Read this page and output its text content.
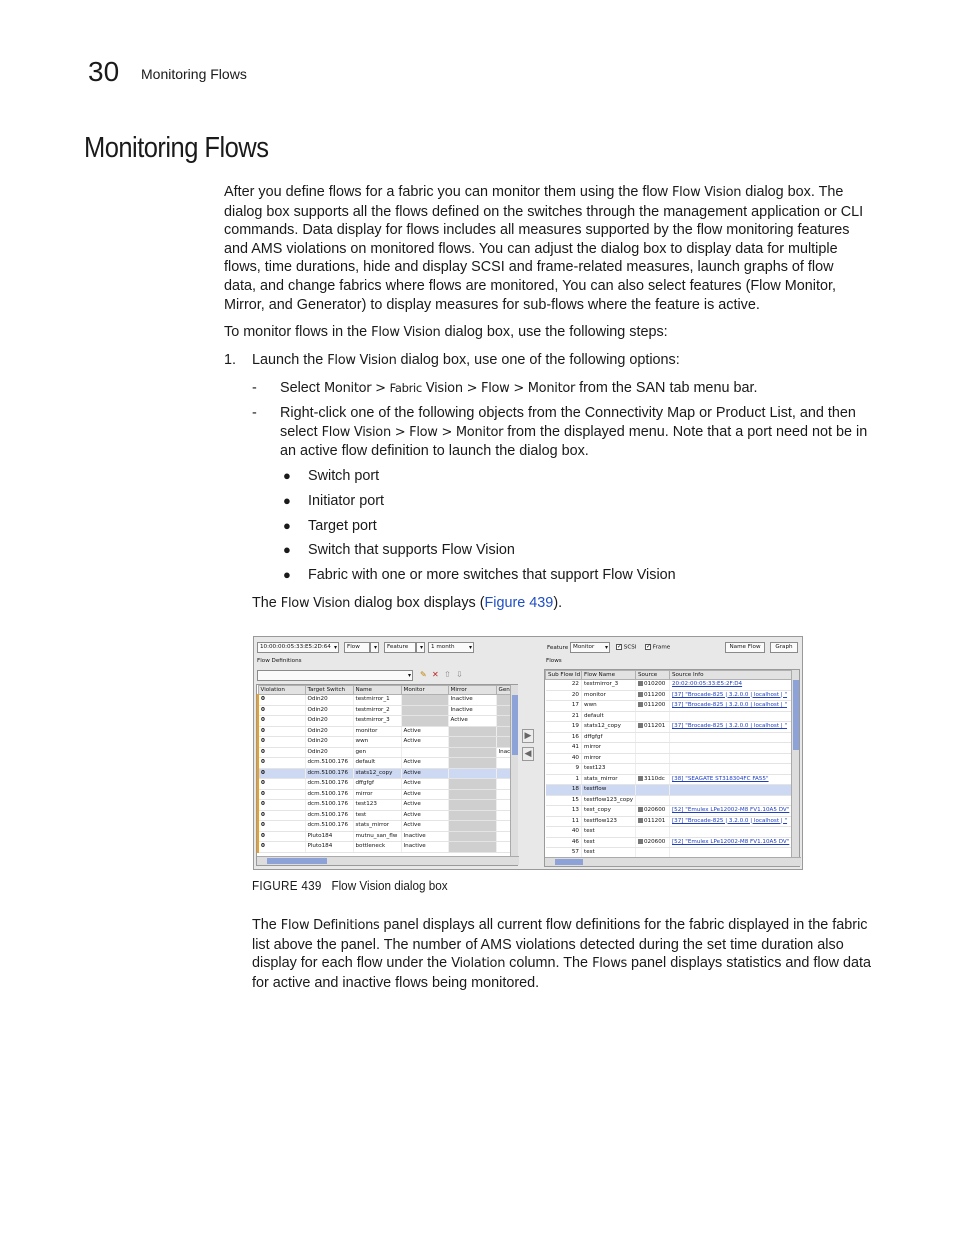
30 Monitoring Flows
Monitoring Flows
After you define flows for a fabric you can monitor them using the flow Flow Vision dialog box. The dialog box supports all the flows defined on the switches through the management application or CLI commands. Data display for flows includes all measures supported by the flow monitoring features and AMS violations on monitored flows. You can adjust the dialog box to display data for multiple flows, time durations, hide and display SCSI and frame-related measures, launch graphs of flow data, and change fabrics where flows are monitored, You can also select features (Flow Monitor, Mirror, and Generator) to display measures for sub-flows where the feature is active.
To monitor flows in the Flow Vision dialog box, use the following steps:
1. Launch the Flow Vision dialog box, use one of the following options:
- Select Monitor > Fabric Vision > Flow > Monitor from the SAN tab menu bar.
- Right-click one of the following objects from the Connectivity Map or Product List, and then select Flow Vision > Flow > Monitor from the displayed menu. Note that a port need not be in an active flow definition to launch the dialog box.
● Switch port
● Initiator port
● Target port
● Switch that supports Flow Vision
● Fabric with one or more switches that support Flow Vision
The Flow Vision dialog box displays (Figure 439).
10:00:00:05:33:E5:2D:64 ▾	Flow ▾	Feature ▾	1 month ▾
Flow Definitions
▾
✎ ✕ ⇧ ⇩
Violation	Target Switch	Name	Monitor	Mirror	Gen
0	Odin20	testmirror_1		Inactive	
0	Odin20	testmirror_2		Inactive	
0	Odin20	testmirror_3		Active	
0	Odin20	monitor	Active		
0	Odin20	wwn	Active		
0	Odin20	gen			Inac
0	dcm.5100.176	default	Active		
0	dcm.5100.176	stats12_copy	Active		
0	dcm.5100.176	dffgfgf	Active		
0	dcm.5100.176	mirror	Active		
0	dcm.5100.176	test123	Active		
0	dcm.5100.176	test	Active		
0	dcm.5100.176	stats_mirror	Active		
0	Pluto184	mutnu_san_flw	Inactive		
0	Pluto184	bottleneck	Inactive		
▶
◀
Feature Monitor ▾	✓ SCSI ✓ Frame	Name Flow	Graph
Flows
Sub Flow Id	Flow Name	Source	Source Info
22	testmirror_3	010200	20:02:00:05:33:E5:2F:D4
20	monitor	011200	[37] "Brocade-825 | 3.2.0.0 | localhost | "
17	wwn	011200	[37] "Brocade-825 | 3.2.0.0 | localhost | "
21	default		
19	stats12_copy	011201	[37] "Brocade-825 | 3.2.0.0 | localhost | "
16	dffgfgf		
41	mirror		
40	mirror		
9	test123		
1	stats_mirror	3110dc	[38] "SEAGATE ST318304FC FA55"
18	testflow		
15	testflow123_copy		
13	test_copy	020600	[52] "Emulex LPe12002-M8 FV1.10A5 DV"
11	testflow123	011201	[37] "Brocade-825 | 3.2.0.0 | localhost | "
40	test		
46	test	020600	[52] "Emulex LPe12002-M8 FV1.10A5 DV"
57	test		
FIGURE 439 Flow Vision dialog box
The Flow Definitions panel displays all current flow definitions for the fabric displayed in the fabric list above the panel. The number of AMS violations detected during the set time duration also display for each flow under the Violation column. The Flows panel displays statistics and flow data for active and inactive flows being monitored.
